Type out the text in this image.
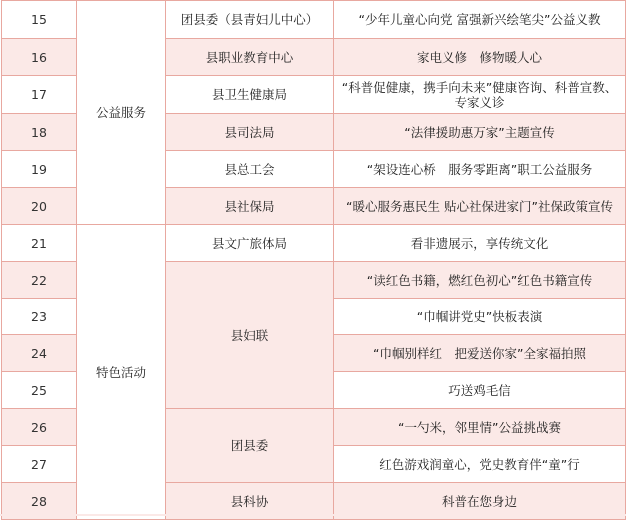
15	公益服务	团县委（县青妇儿中心）	“少年儿童心向党 富强新兴绘笔尖”公益义教
16		县职业教育中心	家电义修　修物暖人心
17		县卫生健康局	“科普促健康，携手向未来”健康咨询、科普宣教、专家义诊
18		县司法局	“法律援助惠万家”主题宣传
19		县总工会	“架设连心桥　服务零距离”职工公益服务
20		县社保局	“暖心服务惠民生 贴心社保进家门”社保政策宣传
21	特色活动	县文广旅体局	看非遗展示，享传统文化
22		县妇联	“读红色书籍，燃红色初心”红色书籍宣传
23			“巾帼讲党史”快板表演
24			“巾帼别样红　把爱送你家”全家福拍照
25			巧送鸡毛信
26		团县委	“一勺米，邻里情”公益挑战赛
27			红色游戏润童心，党史教育伴“童”行
28		县科协	科普在您身边
